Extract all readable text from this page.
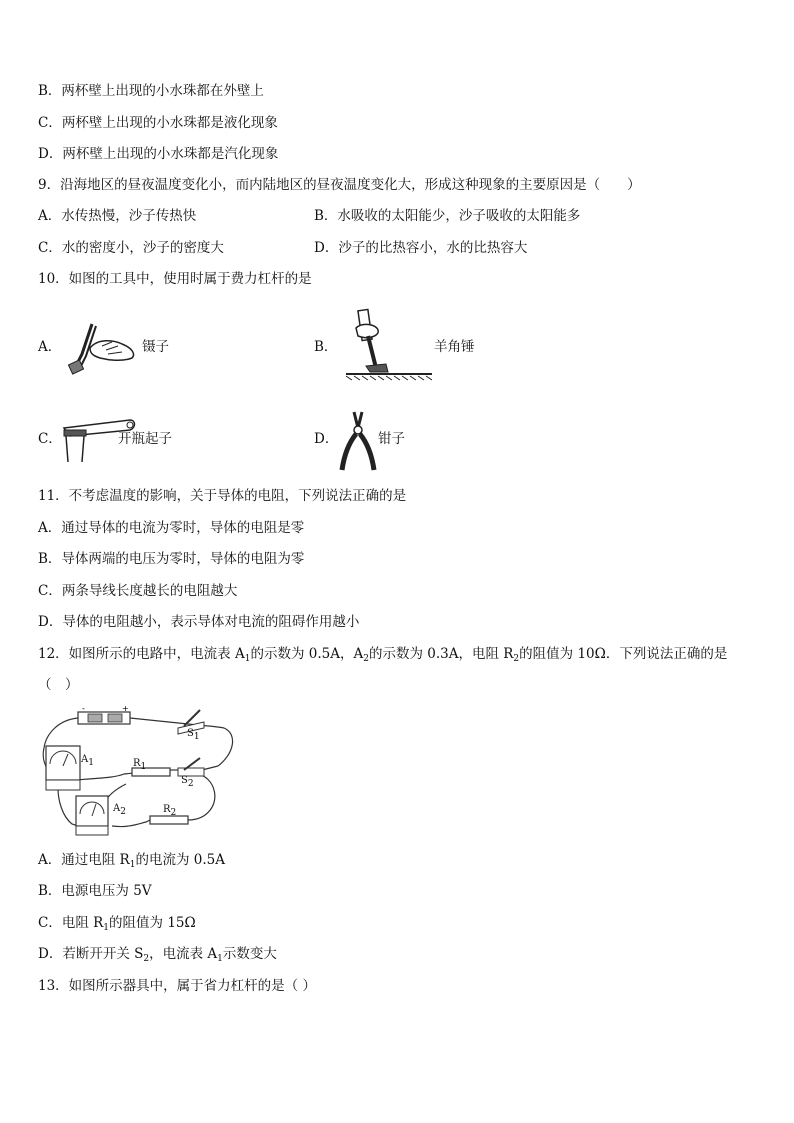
B．两杯壁上出现的小水珠都在外壁上
C．两杯壁上出现的小水珠都是液化现象
D．两杯壁上出现的小水珠都是汽化现象
9．沿海地区的昼夜温度变化小，而内陆地区的昼夜温度变化大，形成这种现象的主要原因是（　　）
A．水传热慢，沙子传热快	B．水吸收的太阳能少，沙子吸收的太阳能多
C．水的密度小，沙子的密度大	D．沙子的比热容小，水的比热容大
10．如图的工具中，使用时属于费力杠杆的是
A．	镊子	B．	羊角锤
C．	开瓶起子	D．	钳子
11．不考虑温度的影响，关于导体的电阻，下列说法正确的是
A．通过导体的电流为零时，导体的电阻是零
B．导体两端的电压为零时，导体的电阻为零
C．两条导线长度越长的电阻越大
D．导体的电阻越小，表示导体对电流的阻碍作用越小
12．如图所示的电路中，电流表 $A_1$的示数为 0.5A，$A_2$的示数为 0.3A，电阻 $R_2$的阻值为 10Ω．下列说法正确的是
（　）
-	+
$A_1$
$A_2$
$R_1$
$R_2$
$S_1$
$S_2$
A．通过电阻 $R_1$的电流为 0.5A
B．电源电压为 5V
C．电阻 $R_1$的阻值为 15Ω
D．若断开开关 $S_2$，电流表 $A_1$示数变大
13．如图所示器具中，属于省力杠杆的是（ ）
